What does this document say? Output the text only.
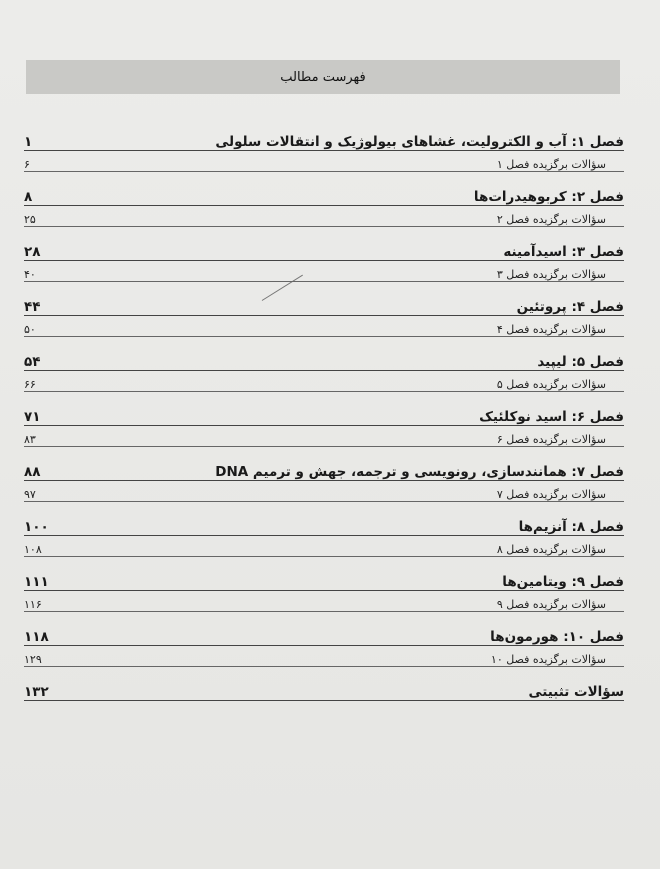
فهرست مطالب
فصل ۱: آب و الکترولیت، غشاهای بیولوژیک و انتقالات سلولی
۱
سؤالات برگزیده فصل ۱
۶
فصل ۲: کربوهیدرات‌ها
۸
سؤالات برگزیده فصل ۲
۲۵
فصل ۳: اسید‌آمینه
۲۸
سؤالات برگزیده فصل ۳
۴۰
فصل ۴: پروتئین
۴۴
سؤالات برگزیده فصل ۴
۵۰
فصل ۵: لیپید
۵۴
سؤالات برگزیده فصل ۵
۶۶
فصل ۶: اسید نوکلئیک
۷۱
سؤالات برگزیده فصل ۶
۸۳
فصل ۷: همانندسازی، رونویسی و ترجمه، جهش و ترمیم DNA
۸۸
سؤالات برگزیده فصل ۷
۹۷
فصل ۸: آنزیم‌ها
۱۰۰
سؤالات برگزیده فصل ۸
۱۰۸
فصل ۹: ویتامین‌ها
۱۱۱
سؤالات برگزیده فصل ۹
۱۱۶
فصل ۱۰: هورمون‌ها
۱۱۸
سؤالات برگزیده فصل ۱۰
۱۲۹
سؤالات تثبیتی
۱۳۲
